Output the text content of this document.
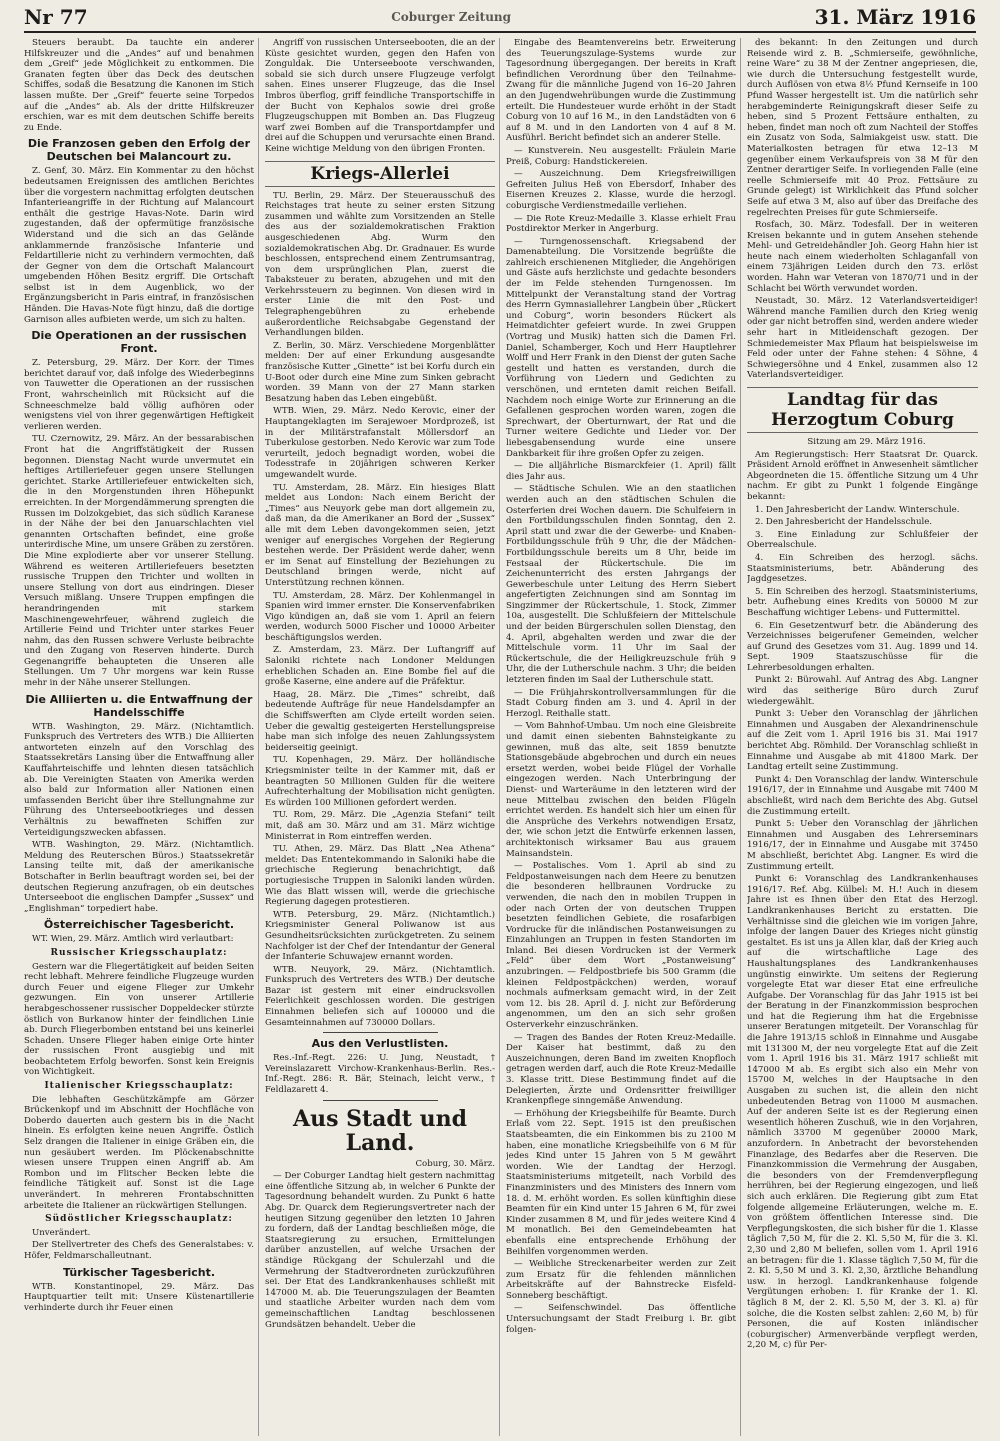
Nr 77	Coburger Zeitung	31. März 1916

Steuers beraubt. Da tauchte ein anderer Hilfskreuzer und die „Andes“ auf und benahmen dem „Greif“ jede Möglichkeit zu entkommen. Die Granaten fegten über das Deck des deutschen Schiffes, sodaß die Besatzung die Kanonen im Stich lassen mußte. Der „Greif“ feuerte seine Torpedos auf die „Andes“ ab. Als der dritte Hilfskreuzer erschien, war es mit dem deutschen Schiffe bereits zu Ende.

Die Franzosen geben den Erfolg der Deutschen bei Malancourt zu.

Z. Genf, 30. März. Ein Kommentar zu den höchst bedeutsamen Ereignissen des amtlichen Berichtes über die vorgestern nachmittag erfolgten deutschen Infanterieangriffe in der Richtung auf Malancourt enthält die gestrige Havas-Note. Darin wird zugestanden, daß der opfermütige französische Widerstand und die sich an das Gelände anklammernde französische Infanterie und Feldartillerie nicht zu verhindern vermochten, daß der Gegner von dem die Ortschaft Malancourt umgebenden Höhen Besitz ergriff. Die Ortschaft selbst ist in dem Augenblick, wo der Ergänzungsbericht in Paris eintraf, in französischen Händen. Die Havas-Note fügt hinzu, daß die dortige Garnison alles aufbieten werde, um sich zu halten.

Die Operationen an der russischen Front.

Z. Petersburg, 29. März. Der Korr. der Times berichtet darauf vor, daß infolge des Wiederbeginns von Tauwetter die Operationen an der russischen Front, wahrscheinlich mit Rücksicht auf die Schneeschmelze bald völlig aufhören oder wenigstens viel von ihrer gegenwärtigen Heftigkeit verlieren werden.

TU. Czernowitz, 29. März. An der bessarabischen Front hat die Angriffstätigkeit der Russen begonnen. Dienstag Nacht wurde unvermutet ein heftiges Artilleriefeuer gegen unsere Stellungen gerichtet. Starke Artilleriefeuer entwickelten sich, die in den Morgenstunden ihren Höhepunkt erreichten. In der Morgendämmerung sprengten die Russen im Dolzokgebiet, das sich südlich Karanese in der Nähe der bei den Januarschlachten viel genannten Ortschaften befindet, eine große unterirdische Mine, um unsere Gräben zu zerstören. Die Mine explodierte aber vor unserer Stellung. Während es weiteren Artilleriefeuers besetzten russische Truppen den Trichter und wollten in unsere Stellung von dort aus eindringen. Dieser Versuch mißlang. Unsere Truppen empfingen die herandringenden mit starkem Maschinengewehrfeuer, während zugleich die Artillerie Feind und Trichter unter starkes Feuer nahm, das den Russen schwere Verluste beibrachte und den Zugang von Reserven hinderte. Durch Gegenangriffe behaupteten die Unseren alle Stellungen. Um 7 Uhr morgens war kein Russe mehr in der Nähe unserer Stellungen.

Die Alliierten u. die Entwaffnung der Handelsschiffe

WTB. Washington, 29. März. (Nichtamtlich. Funkspruch des Vertreters des WTB.) Die Alliierten antworteten einzeln auf den Vorschlag des Staatssekretärs Lansing über die Entwaffnung aller Kauffahrteischiffe und lehnten diesen tatsächlich ab. Die Vereinigten Staaten von Amerika werden also bald zur Information aller Nationen einen umfassenden Bericht über ihre Stellungnahme zur Führung des Unterseebootkrieges und dessen Verhältnis zu bewaffneten Schiffen zur Verteidigungszwecken abfassen.

WTB. Washington, 29. März. (Nichtamtlich. Meldung des Reuterschen Büros.) Staatssekretär Lansing teilte mit, daß der amerikanische Botschafter in Berlin beauftragt worden sei, bei der deutschen Regierung anzufragen, ob ein deutsches Unterseeboot die englischen Dampfer „Sussex“ und „Englishman“ torpediert habe.

Österreichischer Tagesbericht.

WT. Wien, 29. März. Amtlich wird verlautbart:

Russischer Kriegsschauplatz:

Gestern war die Fliegertätigkeit auf beiden Seiten recht lebhaft. Mehrere feindliche Flugzeuge wurden durch Feuer und eigene Flieger zur Umkehr gezwungen. Ein von unserer Artillerie herabgeschossener russischer Doppeldecker stürzte östlich von Burkanow hinter der feindlichen Linie ab. Durch Fliegerbomben entstand bei uns keinerlei Schaden. Unsere Flieger haben einige Orte hinter der russischen Front ausgiebig und mit beobachtetem Erfolg beworfen. Sonst kein Ereignis von Wichtigkeit.

Italienischer Kriegsschauplatz:

Die lebhaften Geschützkämpfe am Görzer Brückenkopf und im Abschnitt der Hochfläche von Doberdo dauerten auch gestern bis in die Nacht hinein. Es erfolgten keine neuen Angriffe. Östlich Selz drangen die Italiener in einige Gräben ein, die nun gesäubert werden. Im Plöckenabschnitte wiesen unsere Truppen einen Angriff ab. Am Rombon und im Flitscher Becken lebte die feindliche Tätigkeit auf. Sonst ist die Lage unverändert. In mehreren Frontabschnitten arbeitete die Italiener an rückwärtigen Stellungen.

Südöstlicher Kriegsschauplatz:

Unverändert.

Der Stellvertreter des Chefs des Generalstabes: v. Höfer, Feldmarschalleutnant.

Türkischer Tagesbericht.

WTB. Konstantinopel, 29. März. Das Hauptquartier teilt mit: Unsere Küstenartillerie verhinderte durch ihr Feuer einen

Angriff von russischen Unterseebooten, die an der Küste gesichtet wurden, gegen den Hafen von Zonguldak. Die Unterseeboote verschwanden, sobald sie sich durch unsere Flugzeuge verfolgt sahen. Eines unserer Flugzeuge, das die Insel Imbros überflog, griff feindliche Transportschiffe in der Bucht von Kephalos sowie drei große Flugzeugschuppen mit Bomben an. Das Flugzeug warf zwei Bomben auf die Transportdampfer und drei auf die Schuppen und verursachte einen Brand. Keine wichtige Meldung von den übrigen Fronten.

Kriegs-Allerlei

TU. Berlin, 29. März. Der Steuerausschuß des Reichstages trat heute zu seiner ersten Sitzung zusammen und wählte zum Vorsitzenden an Stelle des aus der sozialdemokratischen Fraktion ausgeschiedenen Abg. Wurm den sozialdemokratischen Abg. Dr. Gradnauer. Es wurde beschlossen, entsprechend einem Zentrumsantrag, von dem ursprünglichen Plan, zuerst die Tabaksteuer zu beraten, abzugehen und mit den Verkehrssteuern zu beginnen. Von diesen wird in erster Linie die mit den Post- und Telegraphengebühren zu erhebende außerordentliche Reichsabgabe Gegenstand der Verhandlungen bilden.

Z. Berlin, 30. März. Verschiedene Morgenblätter melden: Der auf einer Erkundung ausgesandte französische Kutter „Ginette“ ist bei Korfu durch ein U-Boot oder durch eine Mine zum Sinken gebracht worden. 39 Mann von der 27 Mann starken Besatzung haben das Leben eingebüßt.

WTB. Wien, 29. März. Nedo Kerovic, einer der Hauptangeklagten im Serajewoer Mordprozeß, ist in der Militärstrafanstalt Möllersdorf an Tuberkulose gestorben. Nedo Kerovic war zum Tode verurteilt, jedoch begnadigt worden, wobei die Todesstrafe in 20jährigen schweren Kerker umgewandelt wurde.

TU. Amsterdam, 28. März. Ein hiesiges Blatt meldet aus London: Nach einem Bericht der „Times“ aus Neuyork gebe man dort allgemein zu, daß man, da die Amerikaner an Bord der „Sussex“ alle mit dem Leben davongekommen seien, jetzt weniger auf energisches Vorgehen der Regierung bestehen werde. Der Präsident werde daher, wenn er im Senat auf Einstellung der Beziehungen zu Deutschland bringen werde, nicht auf Unterstützung rechnen können.

TU. Amsterdam, 28. März. Der Kohlenmangel in Spanien wird immer ernster. Die Konservenfabriken Vigo kündigen an, daß sie vom 1. April an feiern werden, wodurch 5000 Fischer und 10000 Arbeiter beschäftigungslos werden.

Z. Amsterdam, 23. März. Der Luftangriff auf Saloniki richtete nach Londoner Meldungen erheblichen Schaden an. Eine Bombe fiel auf die große Kaserne, eine andere auf die Präfektur.

Haag, 28. März. Die „Times“ schreibt, daß bedeutende Aufträge für neue Handelsdampfer an die Schiffswerften am Clyde erteilt worden seien. Ueber die gewaltig gesteigerten Herstellungspreise habe man sich infolge des neuen Zahlungssystem beiderseitig geeinigt.

TU. Kopenhagen, 29. März. Der holländische Kriegsminister teilte in der Kammer mit, daß er beantragten 50 Millionen Gulden für die weitere Aufrechterhaltung der Mobilisation nicht genügten. Es würden 100 Millionen gefordert werden.

TU. Rom, 29. März. Die „Agenzia Stefani“ teilt mit, daß am 30. März und am 31. März wichtige Ministerrat in Rom eintreffen werden.

TU. Athen, 29. März. Das Blatt „Nea Athena“ meldet: Das Ententekommando in Saloniki habe die griechische Regierung benachrichtigt, daß portugiesische Truppen in Saloniki landen würden. Wie das Blatt wissen will, werde die griechische Regierung dagegen protestieren.

WTB. Petersburg, 29. März. (Nichtamtlich.) Kriegsminister General Poliwanow ist aus Gesundheitsrücksichten zurückgetreten. Zu seinem Nachfolger ist der Chef der Intendantur der General der Infanterie Schuwajew ernannt worden.

WTB. Neuyork, 29. März. (Nichtamtlich. Funkspruch des Vertreters des WTB.) Der deutsche Bazar ist gestern mit einer eindrucksvollen Feierlichkeit geschlossen worden. Die gestrigen Einnahmen beliefen sich auf 100000 und die Gesamteinnahmen auf 730000 Dollars.

Aus den Verlustlisten.

Res.-Inf.-Regt. 226: U. Jung, Neustadt, † Vereinslazarett Virchow-Krankenhaus-Berlin. Res.-Inf.-Regt. 286: R. Bär, Steinach, leicht verw., † Feldlazarett 4.

Aus Stadt und Land.

Coburg, 30. März.

— Der Coburger Landtag hielt gestern nachmittag eine öffentliche Sitzung ab, in welcher 6 Punkte der Tagesordnung behandelt wurden. Zu Punkt 6 hatte Abg. Dr. Quarck dem Regierungsvertreter nach der heutigen Sitzung gegenüber den letzten 10 Jahren zu fordern, daß der Landtag beschließen möge, die Staatsregierung zu ersuchen, Ermittelungen darüber anzustellen, auf welche Ursachen der ständige Rückgang der Schulerzahl und die Vermehrung der Stadtverordneten zurückzuführen sei. Der Etat des Landkrankenhauses schließt mit 147000 M. ab. Die Teuerungszulagen der Beamten und staatliche Arbeiter wurden nach dem vom gemeinschaftlichen Landtag beschlossenen Grundsätzen behandelt. Ueber die

Eingabe des Beamtenvereins betr. Erweiterung des Teuerungszulage-Systems wurde zur Tagesordnung übergegangen. Der bereits in Kraft befindlichen Verordnung über den Teilnahme-Zwang für die männliche Jugend von 16–20 Jahren an den Jugendwehrübungen wurde die Zustimmung erteilt. Die Hundesteuer wurde erhöht in der Stadt Coburg von 10 auf 16 M., in den Landstädten von 6 auf 8 M. und in den Landorten von 4 auf 8 M. Ausführl. Bericht befindet sich an anderer Stelle.

— Kunstverein. Neu ausgestellt: Fräulein Marie Preiß, Coburg: Handstickereien.

— Auszeichnung. Dem Kriegsfreiwilligen Gefreiten Julius Heß von Ebersdorf, Inhaber des Eisernen Kreuzes 2. Klasse, wurde die herzogl. coburgische Verdienstmedaille verliehen.

— Die Rote Kreuz-Medaille 3. Klasse erhielt Frau Postdirektor Merker in Angerburg.

— Turngenossenschaft. Kriegsabend der Damenabteilung. Die Vorsitzende begrüßte die zahlreich erschienenen Mitglieder, die Angehörigen und Gäste aufs herzlichste und gedachte besonders der im Felde stehenden Turngenossen. Im Mittelpunkt der Veranstaltung stand der Vortrag des Herrn Gymnasiallehrer Langbein über „Rückert und Coburg“, worin besonders Rückert als Heimatdichter gefeiert wurde. In zwei Gruppen (Vortrag und Musik) hatten sich die Damen Frl. Daniel, Schamberger, Koch und Herr Hauptlehrer Wolff und Herr Frank in den Dienst der guten Sache gestellt und hatten es verstanden, durch die Vorführung von Liedern und Gedichten zu verschönen, und ernteten damit reichen Beifall. Nachdem noch einige Worte zur Erinnerung an die Gefallenen gesprochen worden waren, zogen die Sprechwart, der Oberturnwart, der Rat und die Turner weitere Gedichte und Lieder vor. Der liebesgabensendung wurde eine unsere Dankbarkeit für ihre großen Opfer zu zeigen.

— Die alljährliche Bismarckfeier (1. April) fällt dies Jahr aus.

— Städtische Schulen. Wie an den staatlichen werden auch an den städtischen Schulen die Osterferien drei Wochen dauern. Die Schulfeiern in den Fortbildungsschulen finden Sonntag, den 2. April statt und zwar die der Gewerbe- und Knaben-Fortbildungsschule früh 9 Uhr, die der Mädchen-Fortbildungsschule bereits um 8 Uhr, beide im Festsaal der Rückertschule. Die im Zeichenunterricht des ersten Jahrgangs der Gewerbeschule unter Leitung des Herrn Siebert angefertigten Zeichnungen sind am Sonntag im Singzimmer der Rückertschule, 1. Stock, Zimmer 10a, ausgestellt. Die Schlußfeiern der Mittelschule und der beiden Bürgerschulen sollen Dienstag, den 4. April, abgehalten werden und zwar die der Mittelschule vorm. 11 Uhr im Saal der Rückertschule, die der Heiligkreuzschule früh 9 Uhr, die der Lutherschule nachm. 3 Uhr; die beiden letzteren finden im Saal der Lutherschule statt.

— Die Frühjahrskontrollversammlungen für die Stadt Coburg finden am 3. und 4. April in der Herzogl. Reithalle statt.

— Vom Bahnhof-Umbau. Um noch eine Gleisbreite und damit einen siebenten Bahnsteigkante zu gewinnen, muß das alte, seit 1859 benutzte Stationsgebäude abgebrochen und durch ein neues ersetzt werden, wobei beide Flügel der Vorhalle eingezogen werden. Nach Unterbringung der Dienst- und Warteräume in den letzteren wird der neue Mittelbau zwischen den beiden Flügeln errichtet werden. Es handelt sich hier um einen für die Ansprüche des Verkehrs notwendigen Ersatz, der, wie schon jetzt die Entwürfe erkennen lassen, architektonisch wirksamer Bau aus grauem Mainsandstein.

— Postalisches. Vom 1. April ab sind zu Feldpostanweisungen nach dem Heere zu benutzen die besonderen hellbraunen Vordrucke zu verwenden, die nach den in mobilen Truppen in oder nach Orten der von deutschen Truppen besetzten feindlichen Gebiete, die rosafarbigen Vordrucke für die inländischen Postanweisungen zu Einzahlungen an Truppen in festen Standorten im Inland. Bei diesen Vordrucken ist der Vermerk „Feld“ über dem Wort „Postanweisung“ anzubringen. — Feldpostbriefe bis 500 Gramm (die kleinen Feldpostpäckchen) werden, worauf nochmals aufmerksam gemacht wird, in der Zeit vom 12. bis 28. April d. J. nicht zur Beförderung angenommen, um den an sich sehr großen Osterverkehr einzuschränken.

— Tragen des Bandes der Roten Kreuz-Medaille. Der Kaiser hat bestimmt, daß zu den Auszeichnungen, deren Band im zweiten Knopfloch getragen werden darf, auch die Rote Kreuz-Medaille 3. Klasse tritt. Diese Bestimmung findet auf die Delegierten, Ärzte und Ordensritter freiwilliger Krankenpflege sinngemäße Anwendung.

— Erhöhung der Kriegsbeihilfe für Beamte. Durch Erlaß vom 22. Sept. 1915 ist den preußischen Staatsbeamten, die ein Einkommen bis zu 2100 M haben, eine monatliche Kriegsbeihilfe von 6 M für jedes Kind unter 15 Jahren von 5 M gewährt worden. Wie der Landtag der Herzogl. Staatsministeriums mitgeteilt, nach Vorbild des Finanzministers und des Ministers des Innern vom 18. d. M. erhöht worden. Es sollen künftighin diese Beamten für ein Kind unter 15 Jahren 6 M, für zwei Kinder zusammen 8 M, und für jedes weitere Kind 4 M monatlich. Bei den Gemeindebeamten hat ebenfalls eine entsprechende Erhöhung der Beihilfen vorgenommen werden.

— Weibliche Streckenarbeiter werden zur Zeit zum Ersatz für die fehlenden männlichen Arbeitskräfte auf der Bahnstrecke Eisfeld-Sonneberg beschäftigt.

— Seifenschwindel. Das öffentliche Untersuchungsamt der Stadt Freiburg i. Br. gibt folgen-

des bekannt: In den Zeitungen und durch Reisende wird z. B. „Schmierseife, gewöhnliche, reine Ware“ zu 38 M der Zentner angepriesen, die, wie durch die Untersuchung festgestellt wurde, durch Auflösen von etwa 8½ Pfund Kernseife in 100 Pfund Wasser hergestellt ist. Um die natürlich sehr herabgeminderte Reinigungskraft dieser Seife zu heben, sind 5 Prozent Fettsäure enthalten, zu heben, findet man noch oft zum Nachteil der Stoffes ein Zusatz von Soda, Salmiakgeist usw. statt. Die Materialkosten betragen für etwa 12–13 M gegenüber einem Verkaufspreis von 38 M für den Zentner derartiger Seife. In vorliegenden Falle (eine reelle Schmierseife mit 40 Proz. Fettsäure zu Grunde gelegt) ist Wirklichkeit das Pfund solcher Seife auf etwa 3 M, also auf über das Dreifache des regelrechten Preises für gute Schmierseife.

Rosfach, 30. März. Todesfall. Der in weiteren Kreisen bekannte und in gutem Ansehen stehende Mehl- und Getreidehändler Joh. Georg Hahn hier ist heute nach einem wiederholten Schlaganfall von einem 73jährigen Leiden durch den 73. erlöst worden. Hahn war Veteran von 1870/71 und in der Schlacht bei Wörth verwundet worden.

Neustadt, 30. März. 12 Vaterlandsverteidiger! Während manche Familien durch den Krieg wenig oder gar nicht betroffen sind, werden andere wieder sehr hart in Mitleidenschaft gezogen. Der Schmiedemeister Max Pflaum hat beispielsweise im Feld oder unter der Fahne stehen: 4 Söhne, 4 Schwiegersöhne und 4 Enkel, zusammen also 12 Vaterlandsverteidiger.

Landtag für das Herzogtum Coburg

Sitzung am 29. März 1916.

Am Regierungstisch: Herr Staatsrat Dr. Quarck. Präsident Arnold eröffnet in Anwesenheit sämtlicher Abgeordneten die 15. öffentliche Sitzung um 4 Uhr nachm. Er gibt zu Punkt 1 folgende Eingänge bekannt:

1. Den Jahresbericht der Landw. Winterschule.

2. Den Jahresbericht der Handelsschule.

3. Eine Einladung zur Schlußfeier der Oberrealschule.

4. Ein Schreiben des herzogl. sächs. Staatsministeriums, betr. Abänderung des Jagdgesetzes.

5. Ein Schreiben des herzogl. Staatsministeriums, betr. Aufhebung eines Kredits von 50000 M zur Beschaffung wichtiger Lebens- und Futtermittel.

6. Ein Gesetzentwurf betr. die Abänderung des Verzeichnisses beigerufener Gemeinden, welcher auf Grund des Gesetzes vom 31. Aug. 1899 und 14. Sept. 1909 Staatszuschüsse für die Lehrerbesoldungen erhalten.

Punkt 2: Bürowahl. Auf Antrag des Abg. Langner wird das seitherige Büro durch Zuruf wiedergewählt.

Punkt 3: Ueber den Voranschlag der jährlichen Einnahmen und Ausgaben der Alexandrinenschule auf die Zeit vom 1. April 1916 bis 31. Mai 1917 berichtet Abg. Römhild. Der Voranschlag schließt in Einnahme und Ausgabe ab mit 41800 Mark. Der Landtag erteilt seine Zustimmung.

Punkt 4: Den Voranschlag der landw. Winterschule 1916/17, der in Einnahme und Ausgabe mit 7400 M abschließt, wird nach dem Berichte des Abg. Gutsel die Zustimmung erteilt.

Punkt 5: Ueber den Voranschlag der jährlichen Einnahmen und Ausgaben des Lehrerseminars 1916/17, der in Einnahme und Ausgabe mit 37450 M abschließt, berichtet Abg. Langner. Es wird die Zustimmung erteilt.

Punkt 6: Voranschlag des Landkrankenhauses 1916/17. Ref. Abg. Külbel: M. H.! Auch in diesem Jahre ist es Ihnen über den Etat des Herzogl. Landkrankenhauses Bericht zu erstatten. Die Verhältnisse sind die gleichen wie im vorigen Jahre, infolge der langen Dauer des Krieges nicht günstig gestaltet. Es ist uns ja Allen klar, daß der Krieg auch auf die wirtschaftliche Lage des Haushaltungsplanes des Landkrankenhauses ungünstig einwirkte. Um seitens der Regierung vorgelegte Etat war dieser Etat eine erfreuliche Aufgabe. Der Voranschlag für das Jahr 1915 ist bei der Beratung in der Finanzkommission besprochen und hat die Regierung ihm hat die Ergebnisse unserer Beratungen mitgeteilt. Der Voranschlag für die Jahre 1913/15 schloß in Einnahme und Ausgabe mit 131300 M, der neu vorgelegte Etat auf die Zeit vom 1. April 1916 bis 31. März 1917 schließt mit 147000 M ab. Es ergibt sich also ein Mehr von 15700 M, welches in der Hauptsache in den Ausgaben zu suchen ist, die allein den nicht unbedeutenden Betrag von 11000 M ausmachen. Auf der anderen Seite ist es der Regierung einen wesentlich höheren Zuschuß, wie in den Vorjahren, nämlich 33700 M gegenüber 20000 Mark, anzufordern. In Anbetracht der bevorstehenden Finanzlage, des Bedarfes aber die Reserven. Die Finanzkommission die Vermehrung der Ausgaben, die besonders von der Fremdenverpflegung herrühren, bei der Regierung eingezogen, und ließ sich auch erklären. Die Regierung gibt zum Etat folgende allgemeine Erläuterungen, welche m. E. von größtem öffentlichen Interesse sind. Die Verpflegungskosten, die sich bisher für die 1. Klasse täglich 7,50 M, für die 2. Kl. 5,50 M, für die 3. Kl. 2,30 und 2,80 M beliefen, sollen vom 1. April 1916 an betragen: für die 1. Klasse täglich 7,50 M, für die 2. Kl. 5,50 M und 3. Kl. 2,30, ärztliche Behandlung usw. in herzogl. Landkrankenhause folgende Vergütungen erhoben: I. für Kranke der 1. Kl. täglich 8 M, der 2. Kl. 5,50 M, der 3. Kl. a) für solche, die die Kosten selbst zahlen: 2,60 M, b) für Personen, die auf Kosten inländischer (coburgischer) Armenverbände verpflegt werden, 2,20 M, c) für Per-
